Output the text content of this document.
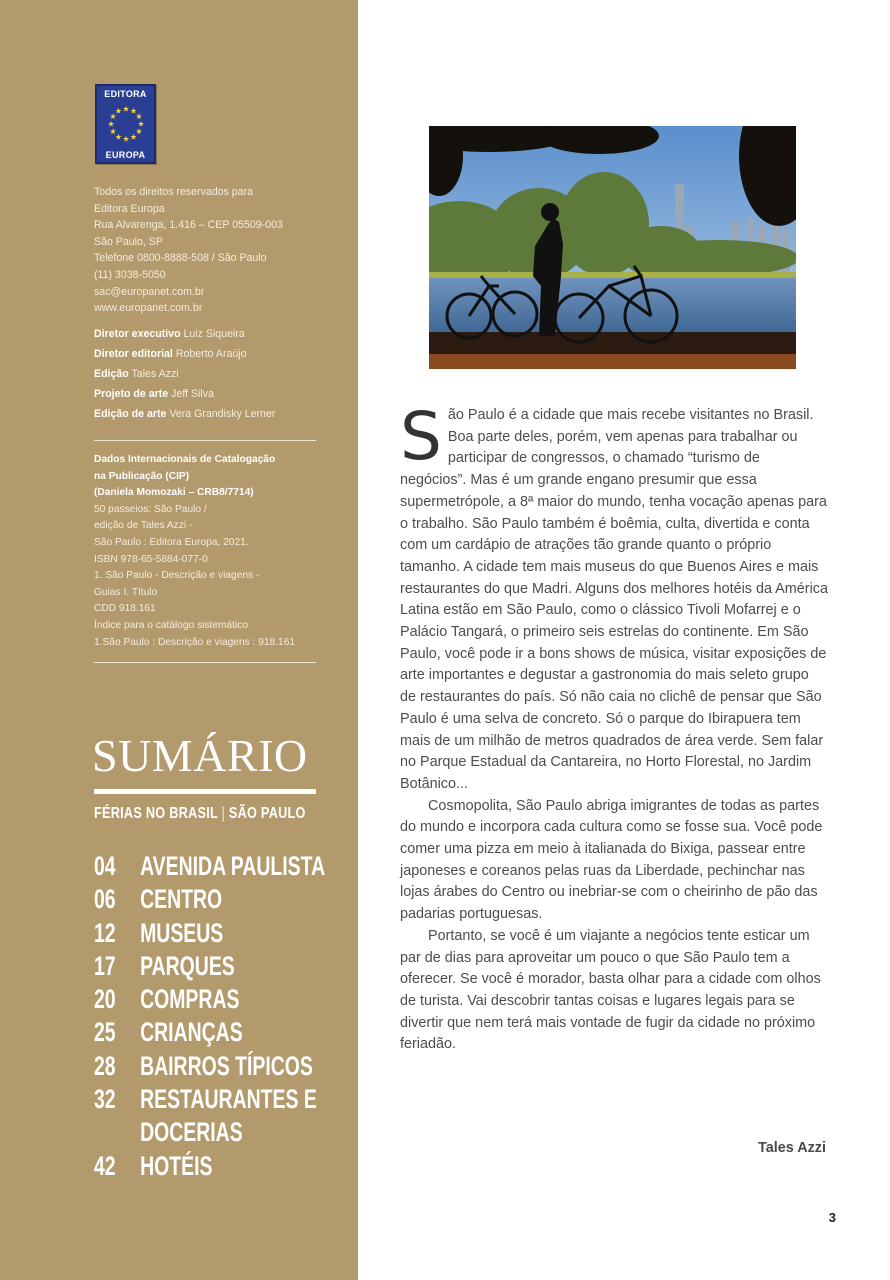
EDITORA
EUROPA
Todos os direitos reservados para
Editora Europa
Rua Alvarenga, 1.416 – CEP 05509-003
São Paulo, SP
Telefone 0800-8888-508 / São Paulo
(11) 3038-5050
sac@europanet.com.br
www.europanet.com.br
Diretor executivo Luiz Siqueira
Diretor editorial Roberto Araújo
Edição Tales Azzi
Projeto de arte Jeff Silva
Edição de arte Vera Grandisky Lerner
Dados Internacionais de Catalogação
na Publicação (CIP)
(Daniela Momozaki – CRB8/7714)
50 passeios: São Paulo /
edição de Tales Azzi -
São Paulo : Editora Europa, 2021.
ISBN 978-65-5884-077-0
1. São Paulo - Descrição e viagens -
Guias I. Título
CDD 918.161
Índice para o catálogo sistemático
1.São Paulo : Descrição e viagens : 918.161
SUMÁRIO
FÉRIAS NO BRASIL | SÃO PAULO
04 AVENIDA PAULISTA
06 CENTRO
12 MUSEUS
17 PARQUES
20 COMPRAS
25 CRIANÇAS
28 BAIRROS TÍPICOS
32 RESTAURANTES E
DOCERIAS
42 HOTÉIS

São Paulo é a cidade que mais recebe visitantes no Brasil. Boa parte deles, porém, vem apenas para trabalhar ou participar de congressos, o chamado “turismo de negócios”. Mas é um grande engano presumir que essa supermetrópole, a 8ª maior do mundo, tenha vocação apenas para o trabalho. São Paulo também é boêmia, culta, divertida e conta com um cardápio de atrações tão grande quanto o próprio tamanho. A cidade tem mais museus do que Buenos Aires e mais restaurantes do que Madri. Alguns dos melhores hotéis da América Latina estão em São Paulo, como o clássico Tivoli Mofarrej e o Palácio Tangará, o primeiro seis estrelas do continente. Em São Paulo, você pode ir a bons shows de música, visitar exposições de arte importantes e degustar a gastronomia do mais seleto grupo de restaurantes do país. Só não caia no clichê de pensar que São Paulo é uma selva de concreto. Só o parque do Ibirapuera tem mais de um milhão de metros quadrados de área verde. Sem falar no Parque Estadual da Cantareira, no Horto Florestal, no Jardim Botânico...

Cosmopolita, São Paulo abriga imigrantes de todas as partes do mundo e incorpora cada cultura como se fosse sua. Você pode comer uma pizza em meio à italianada do Bixiga, passear entre japoneses e coreanos pelas ruas da Liberdade, pechinchar nas lojas árabes do Centro ou inebriar-se com o cheirinho de pão das padarias portuguesas.

Portanto, se você é um viajante a negócios tente esticar um par de dias para aproveitar um pouco o que São Paulo tem a oferecer. Se você é morador, basta olhar para a cidade com olhos de turista. Vai descobrir tantas coisas e lugares legais para se divertir que nem terá mais vontade de fugir da cidade no próximo feriadão.

Tales Azzi
3
